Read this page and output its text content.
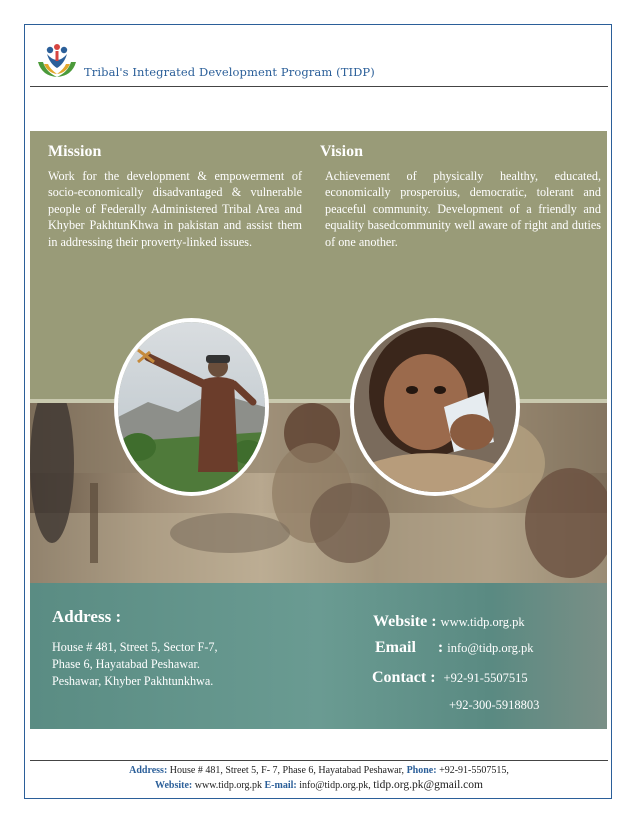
Tribal's Integrated Development Program (TIDP)
Mission
Work for the development & empowerment of socio-economically disadvantaged & vulnerable people of Federally Administered Tribal Area and Khyber PakhtunKhwa in pakistan and assist them in addressing their proverty-linked issues.
Vision
Achievement of physically healthy, educated, economically prosperoius, democratic, tolerant and peaceful community. Development of a friendly and equality basedcommunity well aware of right and duties of one another.
Address :
House # 481, Street 5, Sector F-7,
Phase 6, Hayatabad Peshawar.
Peshawar, Khyber Pakhtunkhwa.
Website : www.tidp.org.pk
Email : info@tidp.org.pk
Contact : +92-91-5507515
+92-300-5918803
Address: House # 481, Street 5, F- 7, Phase 6, Hayatabad Peshawar, Phone: +92-91-5507515,
Website: www.tidp.org.pk E-mail: info@tidp.org.pk, tidp.org.pk@gmail.com
